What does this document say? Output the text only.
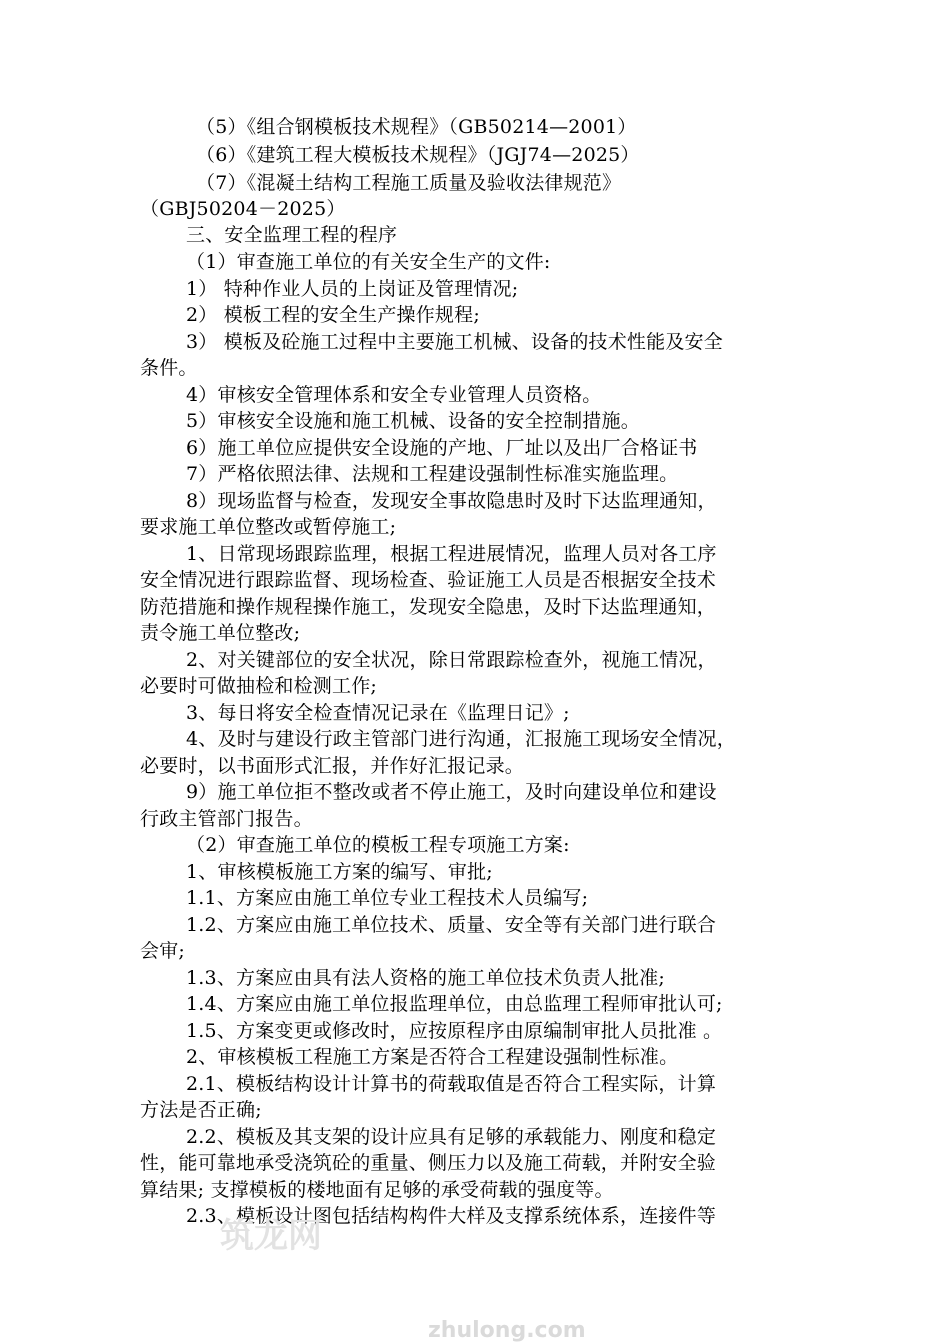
（5）《组合钢模板技术规程》（GB50214—2001）
（6）《建筑工程大模板技术规程》（JGJ74—2025）
（7）《混凝土结构工程施工质量及验收法律规范》
（GBJ50204－2025）
三、安全监理工程的程序
（1）审查施工单位的有关安全生产的文件:
1） 特种作业人员的上岗证及管理情况;
2） 模板工程的安全生产操作规程;
3） 模板及砼施工过程中主要施工机械、设备的技术性能及安全
条件。
4）审核安全管理体系和安全专业管理人员资格。
5）审核安全设施和施工机械、设备的安全控制措施。
6）施工单位应提供安全设施的产地、厂址以及出厂合格证书
7）严格依照法律、法规和工程建设强制性标准实施监理。
8）现场监督与检查，发现安全事故隐患时及时下达监理通知，
要求施工单位整改或暂停施工;
1、日常现场跟踪监理，根据工程进展情况，监理人员对各工序
安全情况进行跟踪监督、现场检查、验证施工人员是否根据安全技术
防范措施和操作规程操作施工，发现安全隐患，及时下达监理通知，
责令施工单位整改;
2、对关键部位的安全状况，除日常跟踪检查外，视施工情况，
必要时可做抽检和检测工作;
3、每日将安全检查情况记录在《监理日记》;
4、及时与建设行政主管部门进行沟通，汇报施工现场安全情况，
必要时，以书面形式汇报，并作好汇报记录。
9）施工单位拒不整改或者不停止施工，及时向建设单位和建设
行政主管部门报告。
（2）审查施工单位的模板工程专项施工方案:
1、审核模板施工方案的编写、审批;
1.1、方案应由施工单位专业工程技术人员编写;
1.2、方案应由施工单位技术、质量、安全等有关部门进行联合
会审;
1.3、方案应由具有法人资格的施工单位技术负责人批准;
1.4、方案应由施工单位报监理单位，由总监理工程师审批认可;
1.5、方案变更或修改时，应按原程序由原编制审批人员批准 。
2、审核模板工程施工方案是否符合工程建设强制性标准。
2.1、模板结构设计计算书的荷载取值是否符合工程实际，计算
方法是否正确;
2.2、模板及其支架的设计应具有足够的承载能力、刚度和稳定
性，能可靠地承受浇筑砼的重量、侧压力以及施工荷载，并附安全验
算结果; 支撑模板的楼地面有足够的承受荷载的强度等。
2.3、模板设计图包括结构构件大样及支撑系统体系，连接件等
筑龙网
zhulong.com
